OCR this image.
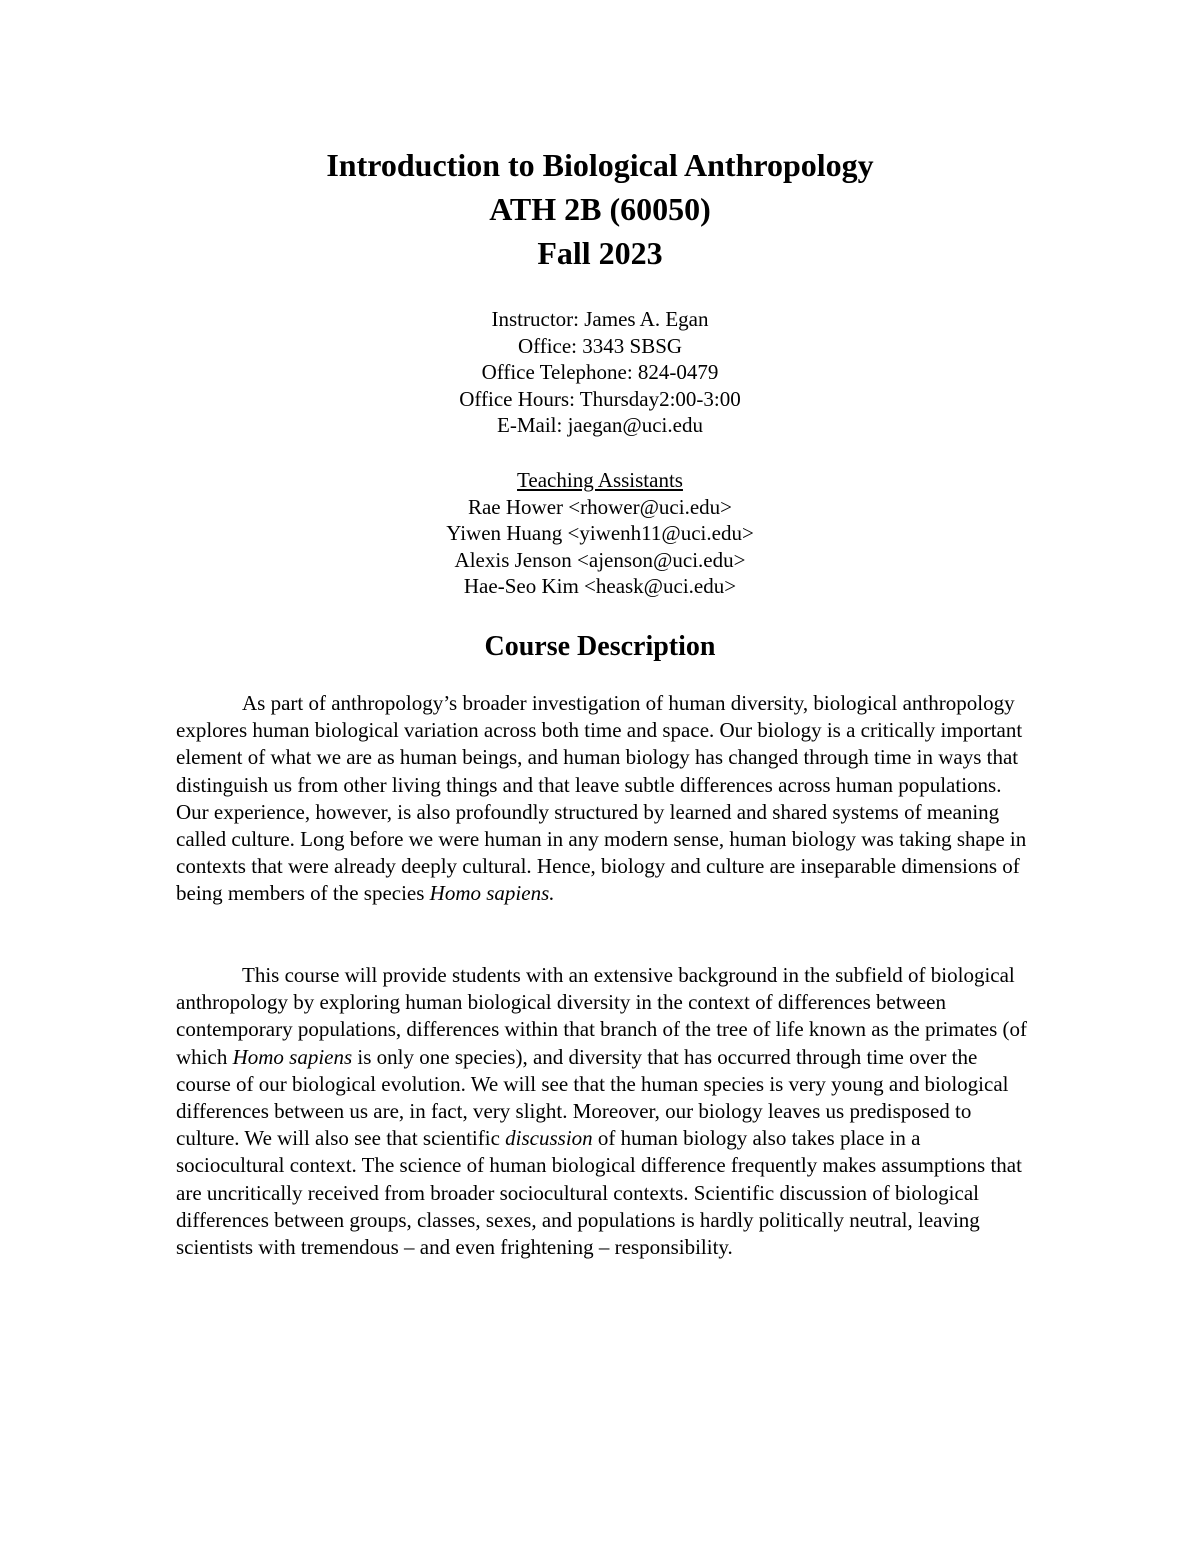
Introduction to Biological Anthropology
ATH 2B (60050)
Fall 2023
Instructor: James A. Egan
Office: 3343 SBSG
Office Telephone: 824-0479
Office Hours: Thursday2:00-3:00
E-Mail: jaegan@uci.edu
Teaching Assistants
Rae Hower <rhower@uci.edu>
Yiwen Huang <yiwenh11@uci.edu>
Alexis Jenson <ajenson@uci.edu>
Hae-Seo Kim <heask@uci.edu>
Course Description

As part of anthropology’s broader investigation of human diversity, biological anthropology explores human biological variation across both time and space. Our biology is a critically important element of what we are as human beings, and human biology has changed through time in ways that distinguish us from other living things and that leave subtle differences across human populations. Our experience, however, is also profoundly structured by learned and shared systems of meaning called culture. Long before we were human in any modern sense, human biology was taking shape in contexts that were already deeply cultural. Hence, biology and culture are inseparable dimensions of being members of the species Homo sapiens.

This course will provide students with an extensive background in the subfield of biological anthropology by exploring human biological diversity in the context of differences between contemporary populations, differences within that branch of the tree of life known as the primates (of which Homo sapiens is only one species), and diversity that has occurred through time over the course of our biological evolution. We will see that the human species is very young and biological differences between us are, in fact, very slight. Moreover, our biology leaves us predisposed to culture. We will also see that scientific discussion of human biology also takes place in a sociocultural context. The science of human biological difference frequently makes assumptions that are uncritically received from broader sociocultural contexts. Scientific discussion of biological differences between groups, classes, sexes, and populations is hardly politically neutral, leaving scientists with tremendous – and even frightening – responsibility.
